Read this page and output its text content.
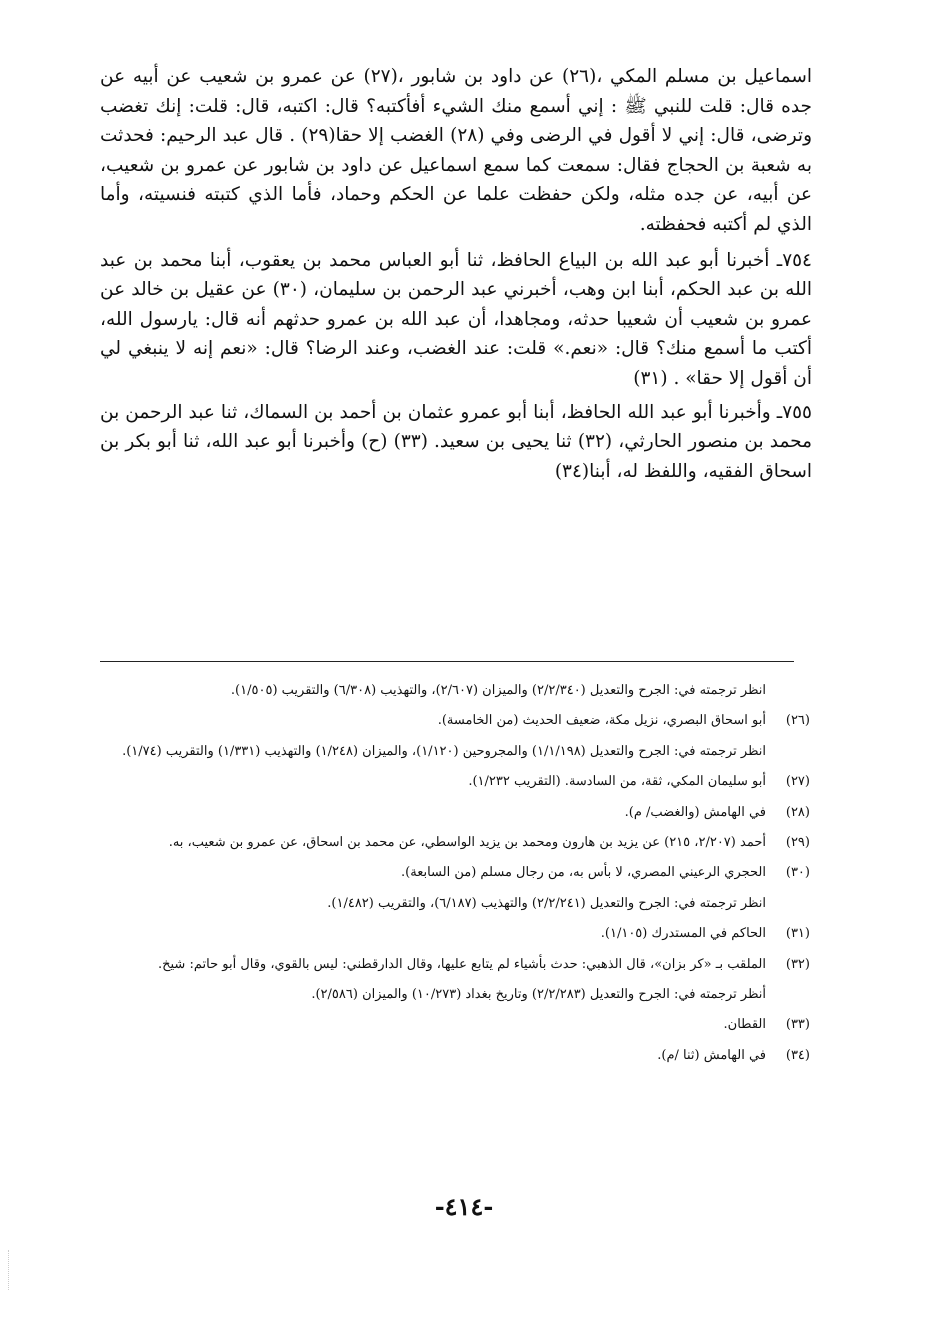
اسماعيل بن مسلم المكي ،(٢٦) عن داود بن شابور ،(٢٧) عن عمرو بن شعيب عن أبيه عن جده قال: قلت للنبي ﷺ : إني أسمع منك الشيء أفأكتبه؟ قال: اكتبه، قال: قلت: إنك تغضب وترضى، قال: إني لا أقول في الرضى وفي (٢٨) الغضب إلا حقا(٢٩) . قال عبد الرحيم: فحدثت به شعبة بن الحجاج فقال: سمعت كما سمع اسماعيل عن داود بن شابور عن عمرو بن شعيب، عن أبيه، عن جده مثله، ولكن حفظت علما عن الحكم وحماد، فأما الذي كتبته فنسيته، وأما الذي لم أكتبه فحفظته.

٧٥٤ـ أخبرنا أبو عبد الله بن البياع الحافظ، ثنا أبو العباس محمد بن يعقوب، أبنا محمد بن عبد الله بن عبد الحكم، أبنا ابن وهب، أخبرني عبد الرحمن بن سليمان، (٣٠) عن عقيل بن خالد عن عمرو بن شعيب أن شعيبا حدثه، ومجاهدا، أن عبد الله بن عمرو حدثهم أنه قال: يارسول الله، أكتب ما أسمع منك؟ قال: «نعم.» قلت: عند الغضب، وعند الرضا؟ قال: «نعم إنه لا ينبغي لي أن أقول إلا حقا» . (٣١)

٧٥٥ـ وأخبرنا أبو عبد الله الحافظ، أبنا أبو عمرو عثمان بن أحمد بن السماك، ثنا عبد الرحمن بن محمد بن منصور الحارثي، (٣٢) ثنا يحيى بن سعيد. (٣٣) (ح) وأخبرنا أبو عبد الله، ثنا أبو بكر بن اسحاق الفقيه، واللفظ له، أبنا(٣٤)

انظر ترجمته في: الجرح والتعديل (٢/٢/٣٤٠) والميزان (٢/٦٠٧)، والتهذيب (٦/٣٠٨) والتقريب (١/٥٠٥).
(٢٦)
أبو اسحاق البصري، نزيل مكة، ضعيف الحديث (من الخامسة).
انظر ترجمته في: الجرح والتعديل (١/١/١٩٨) والمجروحين (١/١٢٠)، والميزان (١/٢٤٨) والتهذيب (١/٣٣١) والتقريب (١/٧٤).
(٢٧)
أبو سليمان المكي، ثقة، من السادسة. (التقريب ١/٢٣٢).
(٢٨)
في الهامش (والغضب/ م).
(٢٩)
أحمد (٢/٢٠٧، ٢١٥) عن يزيد بن هارون ومحمد بن يزيد الواسطي، عن محمد بن اسحاق، عن عمرو بن شعيب، به.
(٣٠)
الحجري الرعيني المصري، لا بأس به، من رجال مسلم (من السابعة).
انظر ترجمته في: الجرح والتعديل (٢/٢/٢٤١) والتهذيب (٦/١٨٧)، والتقريب (١/٤٨٢).
(٣١)
الحاكم في المستدرك (١/١٠٥).
(٣٢)
الملقب بـ «كر بزان»، قال الذهبي: حدث بأشياء لم يتابع عليها، وقال الدارقطني: ليس بالقوي، وقال أبو حاتم: شيخ.
أنظر ترجمته في: الجرح والتعديل (٢/٢/٢٨٣) وتاريخ بغداد (١٠/٢٧٣) والميزان (٢/٥٨٦).
(٣٣)
القطان.
(٣٤)
في الهامش (ثنا /م).
-٤١٤-
